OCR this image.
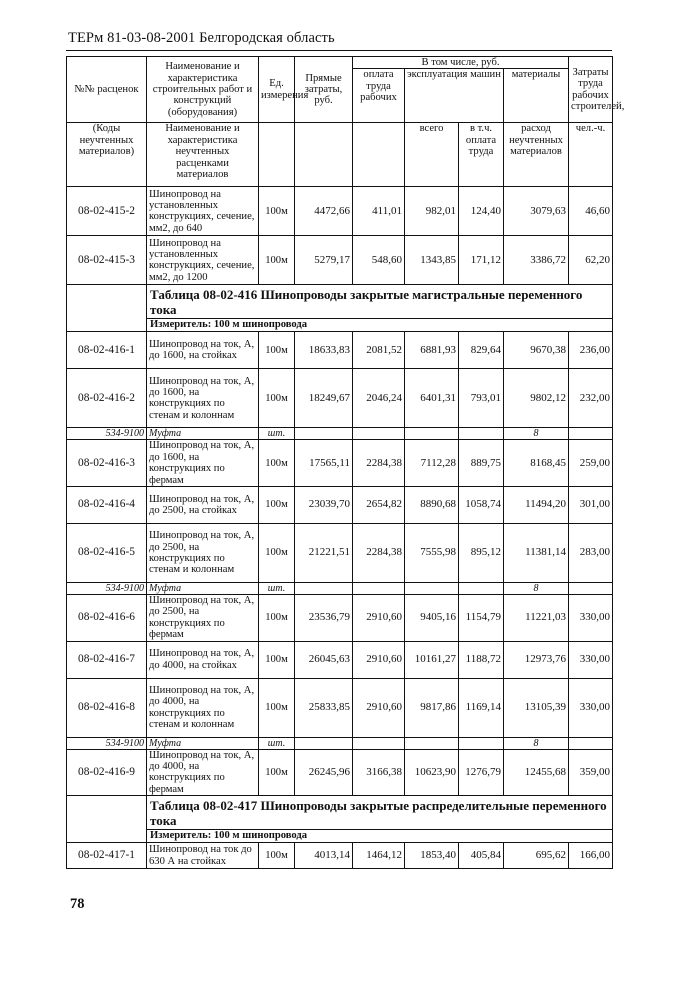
ТЕРм 81-03-08-2001 Белгородская область
№№ расценок	Наименование и характеристика строительных работ и конструкций (оборудования)	Ед. измерения	Прямые затраты, руб.	В том числе, руб.				Затраты труда рабочих строителей,
				оплата труда рабочих	эксплуатация машин		материалы	
(Коды неучтенных материалов)	Наименование и характеристика неучтенных расценками материалов				всего	в т.ч. оплата труда	расход неучтенных материалов	чел.-ч.
08-02-415-2	Шинопровод на установленных конструкциях, сечение, мм2, до 640	100м	4472,66	411,01	982,01	124,40	3079,63	46,60
08-02-415-3	Шинопровод на установленных конструкциях, сечение, мм2, до 1200	100м	5279,17	548,60	1343,85	171,12	3386,72	62,20
	Таблица 08-02-416 Шинопроводы закрытые магистральные переменного тока							
	Измеритель: 100 м шинопровода							
08-02-416-1	Шинопровод на ток, А, до 1600, на стойках	100м	18633,83	2081,52	6881,93	829,64	9670,38	236,00
08-02-416-2	Шинопровод на ток, А, до 1600, на конструкциях по стенам и колоннам	100м	18249,67	2046,24	6401,31	793,01	9802,12	232,00
534-9100	Муфта	шт.					8	
08-02-416-3	Шинопровод на ток, А, до 1600, на конструкциях по фермам	100м	17565,11	2284,38	7112,28	889,75	8168,45	259,00
08-02-416-4	Шинопровод на ток, А, до 2500, на стойках	100м	23039,70	2654,82	8890,68	1058,74	11494,20	301,00
08-02-416-5	Шинопровод на ток, А, до 2500, на конструкциях по стенам и колоннам	100м	21221,51	2284,38	7555,98	895,12	11381,14	283,00
534-9100	Муфта	шт.					8	
08-02-416-6	Шинопровод на ток, А, до 2500, на конструкциях по фермам	100м	23536,79	2910,60	9405,16	1154,79	11221,03	330,00
08-02-416-7	Шинопровод на ток, А, до 4000, на стойках	100м	26045,63	2910,60	10161,27	1188,72	12973,76	330,00
08-02-416-8	Шинопровод на ток, А, до 4000, на конструкциях по стенам и колоннам	100м	25833,85	2910,60	9817,86	1169,14	13105,39	330,00
534-9100	Муфта	шт.					8	
08-02-416-9	Шинопровод на ток, А, до 4000, на конструкциях по фермам	100м	26245,96	3166,38	10623,90	1276,79	12455,68	359,00
	Таблица 08-02-417 Шинопроводы закрытые распределительные переменного тока							
	Измеритель: 100 м шинопровода							
08-02-417-1	Шинопровод на ток до 630 А на стойках	100м	4013,14	1464,12	1853,40	405,84	695,62	166,00
78
